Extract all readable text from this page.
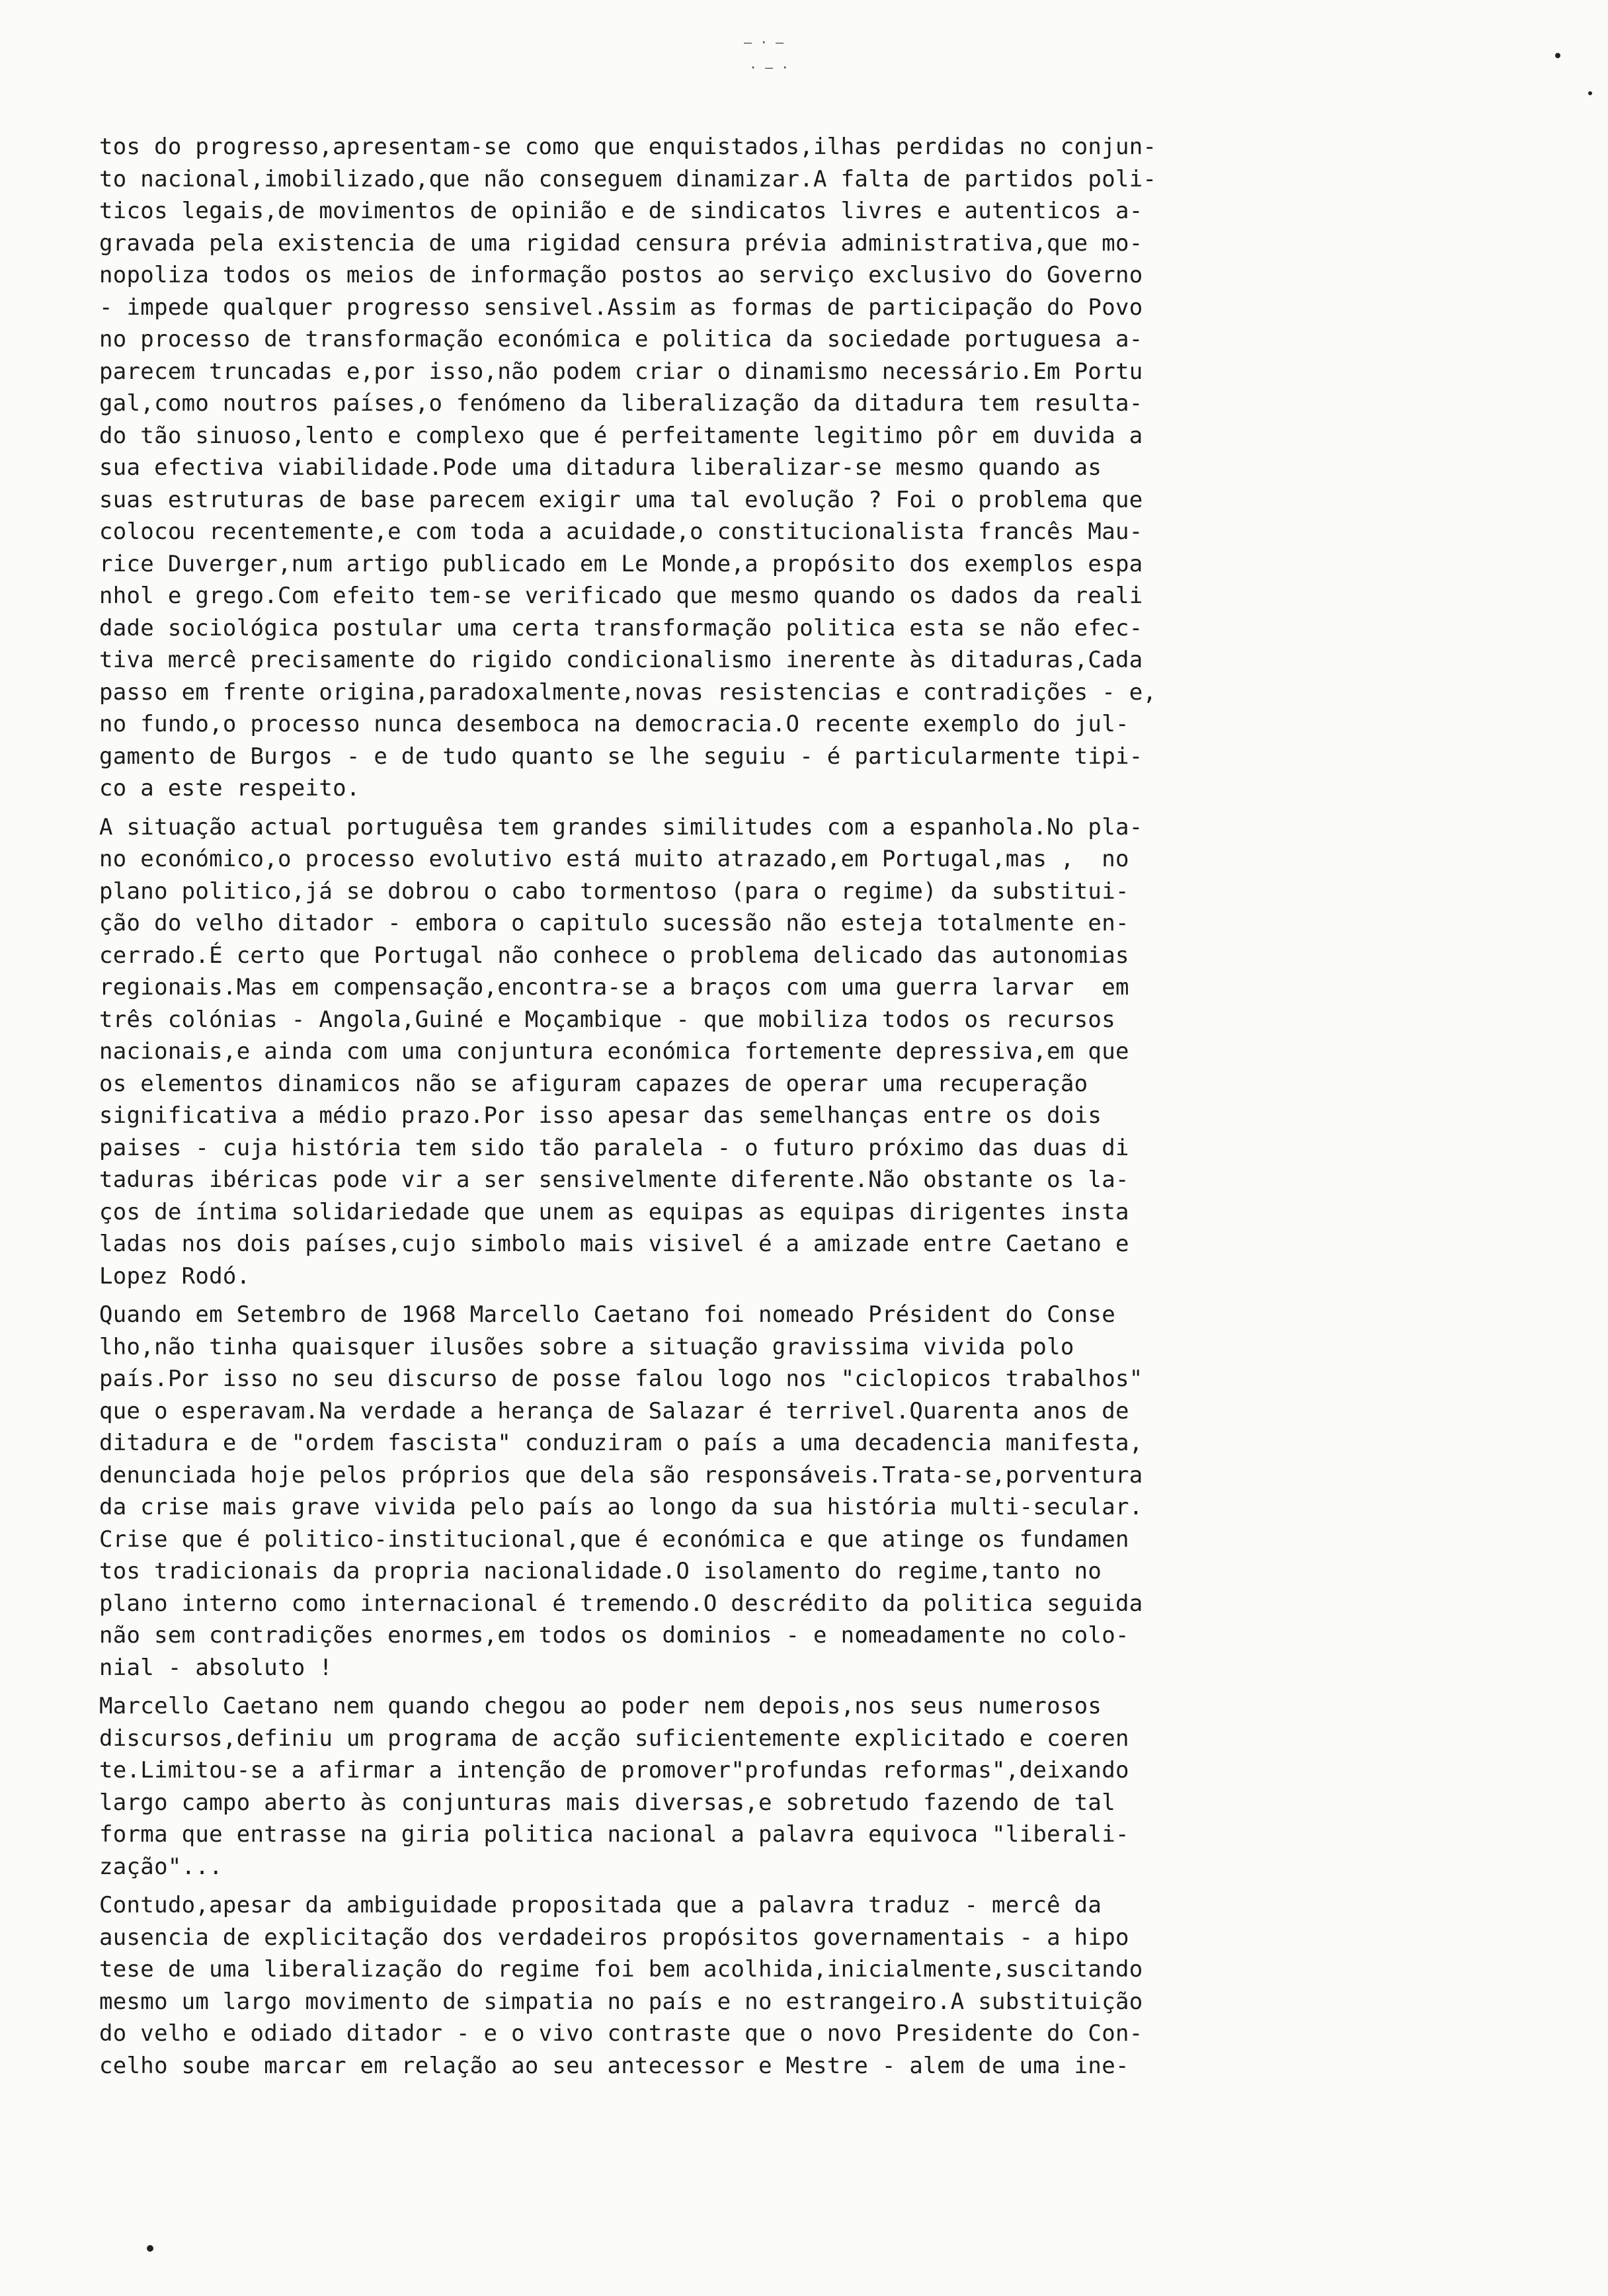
— · —
· – ·
tos do progresso,apresentam-se como que enquistados,ilhas perdidas no conjun-
to nacional,imobilizado,que não conseguem dinamizar.A falta de partidos poli-
ticos legais,de movimentos de opinião e de sindicatos livres e autenticos a-
gravada pela existencia de uma rigidad censura prévia administrativa,que mo-
nopoliza todos os meios de informação postos ao serviço exclusivo do Governo
- impede qualquer progresso sensivel.Assim as formas de participação do Povo
no processo de transformação económica e politica da sociedade portuguesa a-
parecem truncadas e,por isso,não podem criar o dinamismo necessário.Em Portu
gal,como noutros países,o fenómeno da liberalização da ditadura tem resulta-
do tão sinuoso,lento e complexo que é perfeitamente legitimo pôr em duvida a
sua efectiva viabilidade.Pode uma ditadura liberalizar-se mesmo quando as
suas estruturas de base parecem exigir uma tal evolução ? Foi o problema que
colocou recentemente,e com toda a acuidade,o constitucionalista francês Mau-
rice Duverger,num artigo publicado em Le Monde,a propósito dos exemplos espa
nhol e grego.Com efeito tem-se verificado que mesmo quando os dados da reali
dade sociológica postular uma certa transformação politica esta se não efec-
tiva mercê precisamente do rigido condicionalismo inerente às ditaduras,Cada
passo em frente origina,paradoxalmente,novas resistencias e contradições - e,
no fundo,o processo nunca desemboca na democracia.O recente exemplo do jul-
gamento de Burgos - e de tudo quanto se lhe seguiu - é particularmente tipi-
co a este respeito.
A situação actual portuguêsa tem grandes similitudes com a espanhola.No pla-
no económico,o processo evolutivo está muito atrazado,em Portugal,mas ,  no
plano politico,já se dobrou o cabo tormentoso (para o regime) da substitui-
ção do velho ditador - embora o capitulo sucessão não esteja totalmente en-
cerrado.É certo que Portugal não conhece o problema delicado das autonomias
regionais.Mas em compensação,encontra-se a braços com uma guerra larvar  em
três colónias - Angola,Guiné e Moçambique - que mobiliza todos os recursos
nacionais,e ainda com uma conjuntura económica fortemente depressiva,em que
os elementos dinamicos não se afiguram capazes de operar uma recuperação
significativa a médio prazo.Por isso apesar das semelhanças entre os dois
paises - cuja história tem sido tão paralela - o futuro próximo das duas di
taduras ibéricas pode vir a ser sensivelmente diferente.Não obstante os la-
ços de íntima solidariedade que unem as equipas as equipas dirigentes insta
ladas nos dois países,cujo simbolo mais visivel é a amizade entre Caetano e
Lopez Rodó.
Quando em Setembro de 1968 Marcello Caetano foi nomeado Président do Conse
lho,não tinha quaisquer ilusões sobre a situação gravissima vivida polo
país.Por isso no seu discurso de posse falou logo nos "ciclopicos trabalhos"
que o esperavam.Na verdade a herança de Salazar é terrivel.Quarenta anos de
ditadura e de "ordem fascista" conduziram o país a uma decadencia manifesta,
denunciada hoje pelos próprios que dela são responsáveis.Trata-se,porventura
da crise mais grave vivida pelo país ao longo da sua história multi-secular.
Crise que é politico-institucional,que é económica e que atinge os fundamen
tos tradicionais da propria nacionalidade.O isolamento do regime,tanto no
plano interno como internacional é tremendo.O descrédito da politica seguida
não sem contradições enormes,em todos os dominios - e nomeadamente no colo-
nial - absoluto !
Marcello Caetano nem quando chegou ao poder nem depois,nos seus numerosos
discursos,definiu um programa de acção suficientemente explicitado e coeren
te.Limitou-se a afirmar a intenção de promover"profundas reformas",deixando
largo campo aberto às conjunturas mais diversas,e sobretudo fazendo de tal
forma que entrasse na giria politica nacional a palavra equivoca "liberali-
zação"...
Contudo,apesar da ambiguidade propositada que a palavra traduz - mercê da
ausencia de explicitação dos verdadeiros propósitos governamentais - a hipo
tese de uma liberalização do regime foi bem acolhida,inicialmente,suscitando
mesmo um largo movimento de simpatia no país e no estrangeiro.A substituição
do velho e odiado ditador - e o vivo contraste que o novo Presidente do Con-
celho soube marcar em relação ao seu antecessor e Mestre - alem de uma ine-
